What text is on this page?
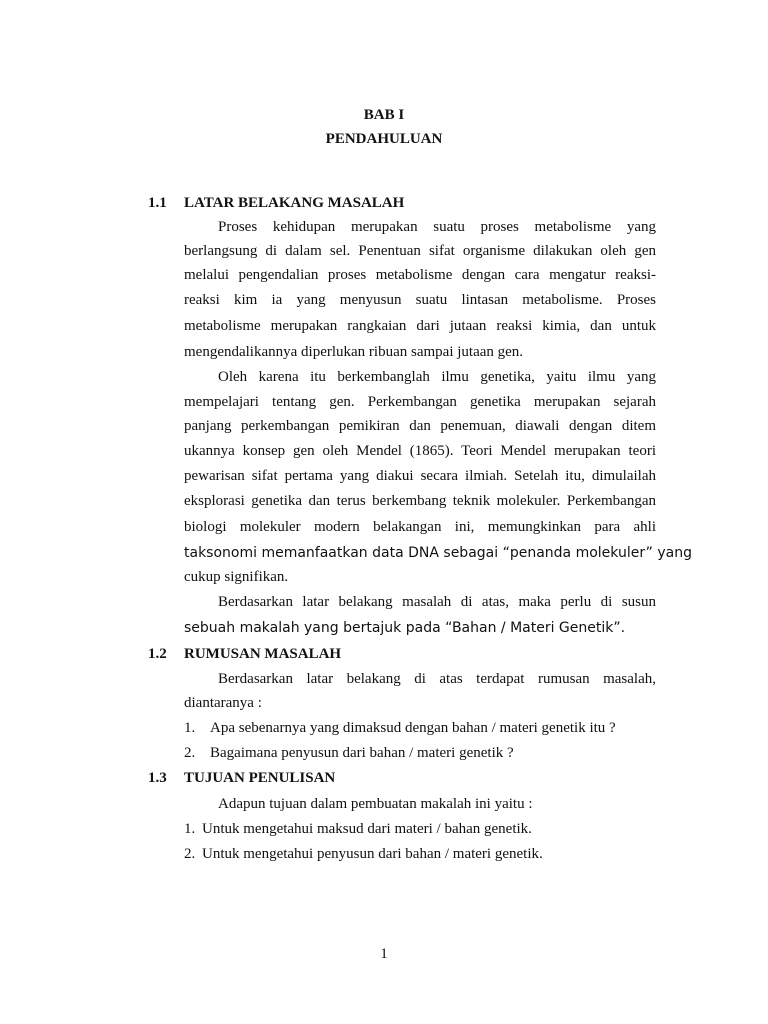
BAB I
PENDAHULUAN
1.1 LATAR BELAKANG MASALAH
Proses kehidupan merupakan suatu proses metabolisme yang
berlangsung di dalam sel. Penentuan sifat organisme dilakukan oleh gen
melalui pengendalian proses metabolisme dengan cara mengatur reaksi-
reaksi kim ia yang menyusun suatu lintasan metabolisme. Proses
metabolisme merupakan rangkaian dari jutaan reaksi kimia, dan untuk
mengendalikannya diperlukan ribuan sampai jutaan gen.
Oleh karena itu berkembanglah ilmu genetika, yaitu ilmu yang
mempelajari tentang gen. Perkembangan genetika merupakan sejarah
panjang perkembangan pemikiran dan penemuan, diawali dengan ditem
ukannya konsep gen oleh Mendel (1865). Teori Mendel merupakan teori
pewarisan sifat pertama yang diakui secara ilmiah. Setelah itu, dimulailah
eksplorasi genetika dan terus berkembang teknik molekuler. Perkembangan
biologi molekuler modern belakangan ini, memungkinkan para ahli
taksonomi memanfaatkan data DNA sebagai “penanda molekuler” yang
cukup signifikan.
Berdasarkan latar belakang masalah di atas, maka perlu di susun
sebuah makalah yang bertajuk pada “Bahan / Materi Genetik”.
1.2 RUMUSAN MASALAH
Berdasarkan latar belakang di atas terdapat rumusan masalah,
diantaranya :
1. Apa sebenarnya yang dimaksud dengan bahan / materi genetik itu ?
2. Bagaimana penyusun dari bahan / materi genetik ?
1.3 TUJUAN PENULISAN
Adapun tujuan dalam pembuatan makalah ini yaitu :
1. Untuk mengetahui maksud dari materi / bahan genetik.
2. Untuk mengetahui penyusun dari bahan / materi genetik.
1
